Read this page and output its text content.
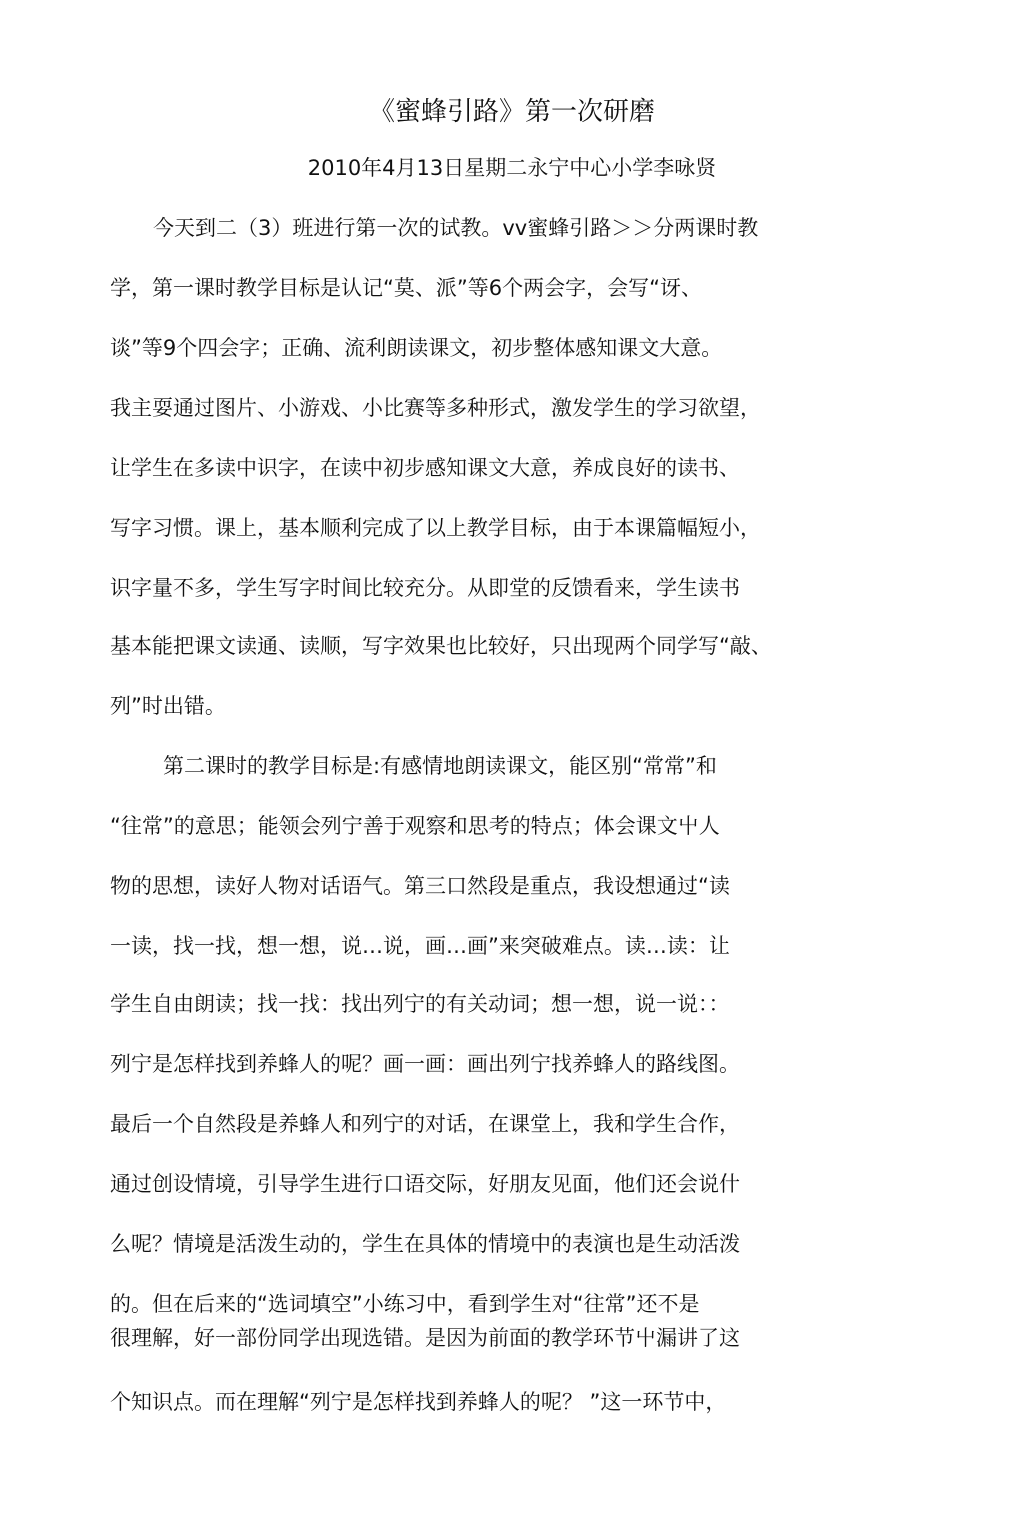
《蜜蜂引路》第一次研磨
2010年4月13日星期二永宁中心小学李咏贤
今天到二（3）班进行第一次的试教。vv蜜蜂引路＞＞分两课时教
学，第一课时教学目标是认记“莫、派”等6个两会字，会写“讶、
谈”等9个四会字；正确、流利朗读课文，初步整体感知课文大意。
我主耍通过图片、小游戏、小比赛等多种形式，激发学生的学习欲望，
让学生在多读中识字，在读中初步感知课文大意，养成良好的读书、
写字习惯。课上，基本顺利完成了以上教学目标，由于本课篇幅短小，
识字量不多，学生写字时间比较充分。从即堂的反馈看来，学生读书
基本能把课文读通、读顺，写字效果也比较好，只出现两个同学写“敲、
列”时出错。
第二课时的教学目标是:有感情地朗读课文，能区别“常常”和
“往常”的意思；能领会列宁善于观察和思考的特点；体会课文屮人
物的思想，读好人物对话语气。第三口然段是重点，我设想通过“读
一读，找一找，想一想，说…说，画…画”来突破难点。读…读：让
学生自由朗读；找一找：找出列宁的有关动词；想一想，说一说：：
列宁是怎样找到养蜂人的呢？画一画：画出列宁找养蜂人的路线图。
最后一个自然段是养蜂人和列宁的对话，在课堂上，我和学生合作，
通过创设情境，引导学生进行口语交际，好朋友见面，他们还会说什
么呢？情境是活泼生动的，学生在具体的情境中的表演也是生动活泼
的。但在后来的“选词填空”小练习中，看到学生对“往常”还不是
很理解，好一部份同学出现选错。是因为前面的教学环节屮漏讲了这
个知识点。而在理解“列宁是怎样找到养蜂人的呢？ ”这一环节中，
